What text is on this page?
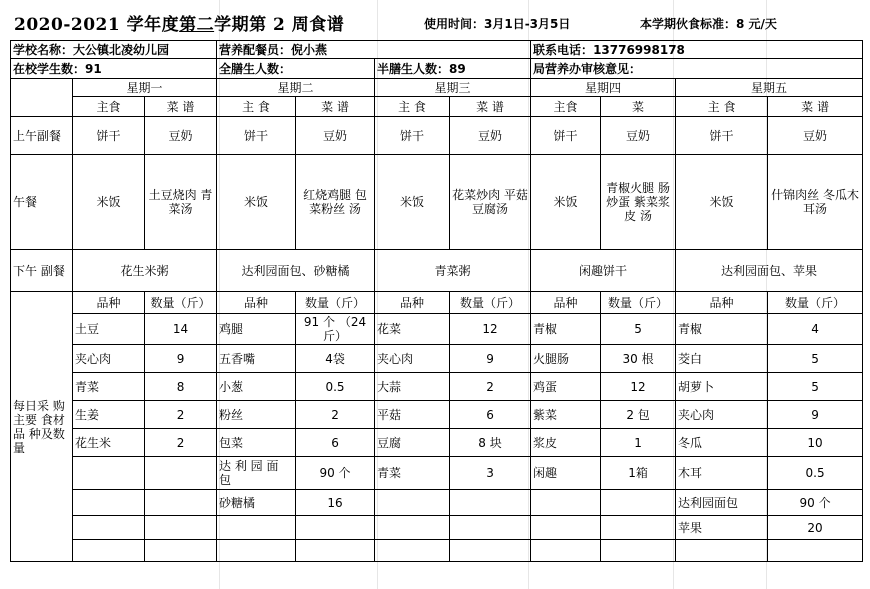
2020-2021 学年度第二学期第 2 周食谱	使用时间：3月1日-3月5日	本学期伙食标准：8 元/天
学校名称：大公镇北凌幼儿园			营养配餐员：倪小燕				联系电话：13776998178			
在校学生数：91			全膳生人数：		半膳生人数：89		局营养办审核意见：			
	星期一		星期二		星期三		星期四		星期五	
	主食	菜 谱	主 食	菜 谱	主 食	菜 谱	主食	菜	主 食	菜 谱
上午副餐	饼干	豆奶	饼干	豆奶	饼干	豆奶	饼干	豆奶	饼干	豆奶
午餐	米饭	土豆烧肉 青菜汤	米饭	红烧鸡腿 包菜粉丝 汤	米饭	花菜炒肉 平菇豆腐汤	米饭	青椒火腿 肠炒蛋 紫菜浆皮 汤	米饭	什锦肉丝 冬瓜木耳汤
下午 副餐	花生米粥		达利园面包、砂糖橘		青菜粥		闲趣饼干		达利园面包、苹果	
每日采 购主要 食材品 种及数 量	品种	数量（斤）	品种	数量（斤）	品种	数量（斤）	品种	数量（斤）	品种	数量（斤）
	土豆	14	鸡腿	91 个 （24 斤）	花菜	12	青椒	5	青椒	4
	夹心肉	9	五香嘴	4袋	夹心肉	9	火腿肠	30 根	茭白	5
	青菜	8	小葱	0.5	大蒜	2	鸡蛋	12	胡萝卜	5
	生姜	2	粉丝	2	平菇	6	紫菜	2 包	夹心肉	9
	花生米	2	包菜	6	豆腐	8 块	浆皮	1	冬瓜	10
			达 利 园 面 包	90 个	青菜	3	闲趣	1箱	木耳	0.5
			砂糖橘	16					达利园面包	90 个
									苹果	20
